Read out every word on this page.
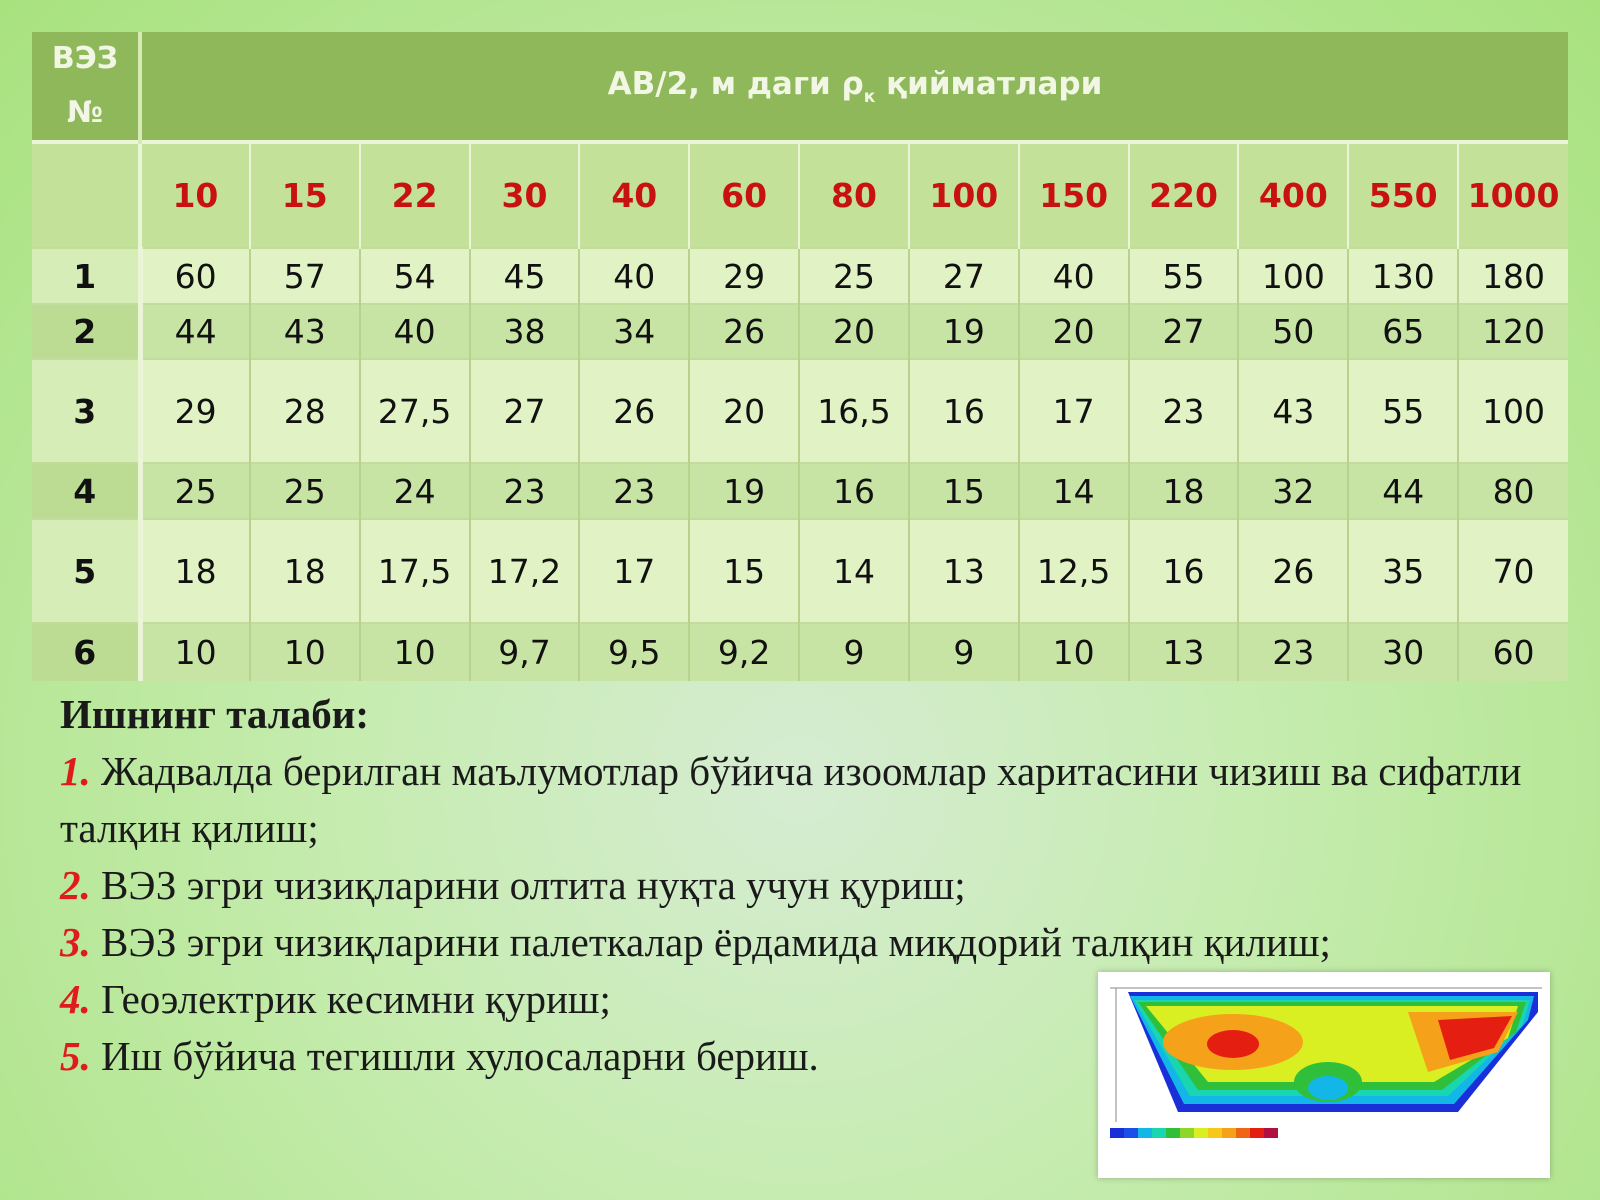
ВЭЗ №	AB/2, м даги $\rho_к$ қийматлари												
	10	15	22	30	40	60	80	100	150	220	400	550	1000
1	60	57	54	45	40	29	25	27	40	55	100	130	180
2	44	43	40	38	34	26	20	19	20	27	50	65	120
3	29	28	27,5	27	26	20	16,5	16	17	23	43	55	100
4	25	25	24	23	23	19	16	15	14	18	32	44	80
5	18	18	17,5	17,2	17	15	14	13	12,5	16	26	35	70
6	10	10	10	9,7	9,5	9,2	9	9	10	13	23	30	60
Ишнинг талаби:

1. Жадвалда берилган маълумотлар бўйича изоомлар харитасини чизиш ва сифатли талқин қилиш;

2. ВЭЗ эгри чизиқларини олтита нуқта учун қуриш;

3. ВЭЗ эгри чизиқларини палеткалар ёрдамида миқдорий талқин қилиш;

4. Геоэлектрик кесимни қуриш;

5. Иш бўйича тегишли хулосаларни бериш.
